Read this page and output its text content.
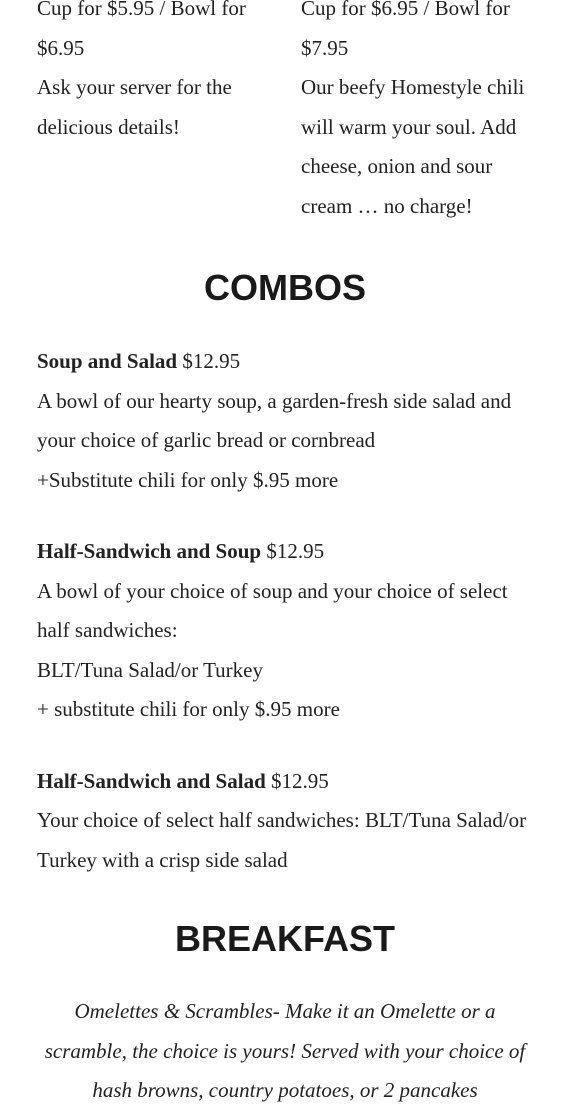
Cup for $5.95 / Bowl for $6.95

Ask your server for the delicious details!

Cup for $6.95 / Bowl for $7.95

Our beefy Homestyle chili will warm your soul. Add cheese, onion and sour cream … no charge!

COMBOS

Soup and Salad $12.95

A bowl of our hearty soup, a garden-fresh side salad and your choice of garlic bread or cornbread

+Substitute chili for only $.95 more

Half-Sandwich and Soup $12.95

A bowl of your choice of soup and your choice of select half sandwiches:

BLT/Tuna Salad/or Turkey

+ substitute chili for only $.95 more

Half-Sandwich and Salad $12.95

Your choice of select half sandwiches: BLT/Tuna Salad/or Turkey with a crisp side salad

BREAKFAST

Omelettes & Scrambles- Make it an Omelette or a scramble, the choice is yours! Served with your choice of hash browns, country potatoes, or 2 pancakes
